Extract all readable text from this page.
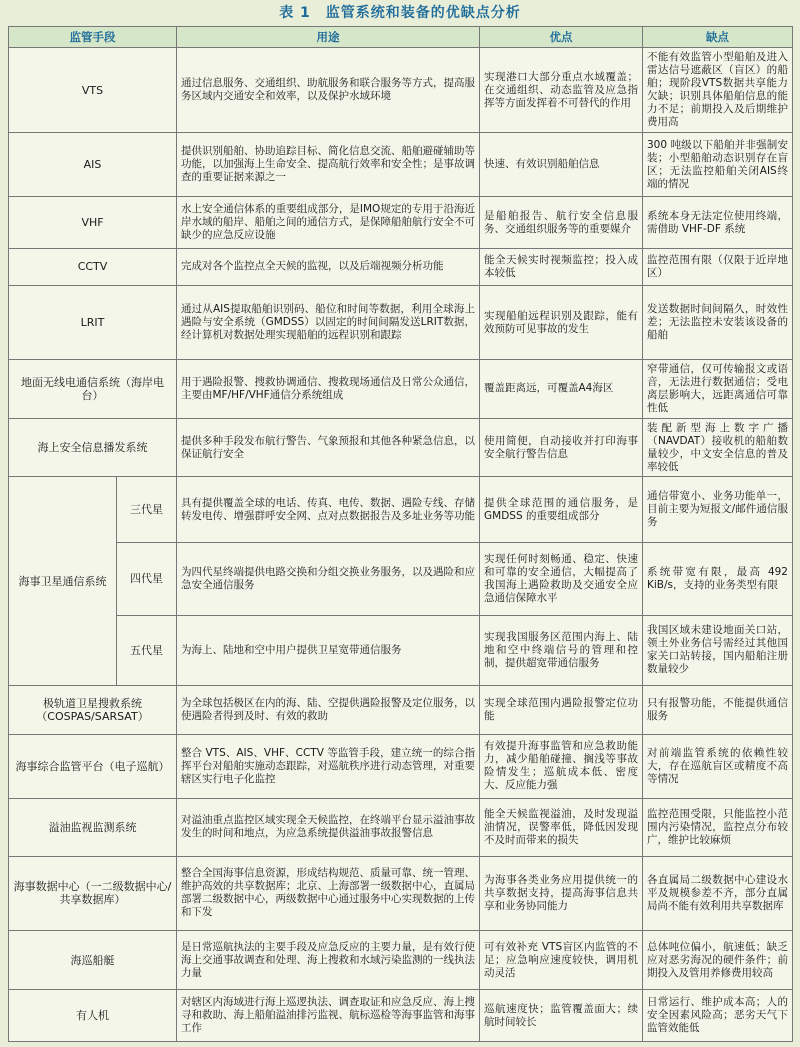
表 1　监管系统和装备的优缺点分析
监管手段		用途	优点	缺点
VTS		通过信息服务、交通组织、助航服务和联合服务等方式，提高服务区域内交通安全和效率，以及保护水域环境	实现港口大部分重点水域覆盖；在交通组织、动态监管及应急指挥等方面发挥着不可替代的作用	不能有效监管小型船舶及进入雷达信号遮蔽区（盲区）的船舶；现阶段VTS数据共享能力欠缺；识别具体船舶信息的能力不足；前期投入及后期维护费用高
AIS		提供识别船舶、协助追踪目标、简化信息交流、船舶避碰辅助等功能，以加强海上生命安全、提高航行效率和安全性；是事故调查的重要证据来源之一	快速、有效识别船舶信息	300 吨级以下船舶并非强制安装；小型船舶动态识别存在盲区；无法监控船舶关闭AIS终端的情况
VHF		水上安全通信体系的重要组成部分，是IMO规定的专用于沿海近岸水域的船岸、船舶之间的通信方式，是保障船舶航行安全不可缺少的应急反应设施	是船舶报告、航行安全信息服务、交通组织服务等的重要媒介	系统本身无法定位使用终端，需借助 VHF-DF 系统
CCTV		完成对各个监控点全天候的监视，以及后端视频分析功能	能全天候实时视频监控；投入成本较低	监控范围有限（仅限于近岸地区）
LRIT		通过从AIS提取船舶识别码、船位和时间等数据，利用全球海上遇险与安全系统（GMDSS）以固定的时间间隔发送LRIT数据，经计算机对数据处理实现船舶的远程识别和跟踪	实现船舶远程识别及跟踪，能有效预防可见事故的发生	发送数据时间间隔久，时效性差；无法监控未安装该设备的船舶
地面无线电通信系统（海岸电台）		用于遇险报警、搜救协调通信、搜救现场通信及日常公众通信，主要由MF/HF/VHF通信分系统组成	覆盖距离远，可覆盖A4海区	窄带通信，仅可传输报文或语音，无法进行数据通信；受电离层影响大，远距离通信可靠性低
海上安全信息播发系统		提供多种手段发布航行警告、气象预报和其他各种紧急信息，以保证航行安全	使用简便，自动接收并打印海事安全航行警告信息	装配新型海上数字广播（NAVDAT）接收机的船舶数量较少，中文安全信息的普及率较低
海事卫星通信系统	三代星	具有提供覆盖全球的电话、传真、电传、数据、遇险专线、存储转发电传、增强群呼安全网、点对点数据报告及多址业务等功能	提供全球范围的通信服务，是 GMDSS 的重要组成部分	通信带宽小、业务功能单一，目前主要为短报文/邮件通信服务
	四代星	为四代星终端提供电路交换和分组交换业务服务，以及遇险和应急安全通信服务	实现任何时刻畅通、稳定、快速和可靠的安全通信，大幅提高了我国海上遇险救助及交通安全应急通信保障水平	系统带宽有限，最高 492 KiB/s，支持的业务类型有限
	五代星	为海上、陆地和空中用户提供卫星宽带通信服务	实现我国服务区范围内海上、陆地和空中终端信号的管理和控制，提供超宽带通信服务	我国区域未建设地面关口站，领土外业务信号需经过其他国家关口站转接，国内船舶注册数量较少
极轨道卫星搜救系统（COSPAS/SARSAT）		为全球包括极区在内的海、陆、空提供遇险报警及定位服务，以使遇险者得到及时、有效的救助	实现全球范围内遇险报警定位功能	只有报警功能，不能提供通信服务
海事综合监管平台（电子巡航）		整合 VTS、AIS、VHF、CCTV 等监管手段，建立统一的综合指挥平台对船舶实施动态跟踪，对巡航秩序进行动态管理，对重要辖区实行电子化监控	有效提升海事监管和应急救助能力，减少船舶碰撞、搁浅等事故险情发生；巡航成本低、密度大、反应能力强	对前端监管系统的依赖性较大，存在巡航盲区或精度不高等情况
溢油监视监测系统		对溢油重点监控区域实现全天候监控，在终端平台显示溢油事故发生的时间和地点，为应急系统提供溢油事故报警信息	能全天候监视溢油，及时发现溢油情况，误警率低，降低因发现不及时而带来的损失	监控范围受限，只能监控小范围内污染情况，监控点分布较广，维护比较麻烦
海事数据中心（一二级数据中心/共享数据库）		整合全国海事信息资源，形成结构规范、质量可靠、统一管理、维护高效的共享数据库；北京、上海部署一级数据中心，直属局部署二级数据中心，两级数据中心通过服务中心实现数据的上传和下发	为海事各类业务应用提供统一的共享数据支持，提高海事信息共享和业务协同能力	各直属局二级数据中心建设水平及规模参差不齐，部分直属局尚不能有效利用共享数据库
海巡船艇		是日常巡航执法的主要手段及应急反应的主要力量，是有效行使海上交通事故调查和处理、海上搜救和水域污染监测的一线执法力量	可有效补充 VTS盲区内监管的不足；应急响应速度较快，调用机动灵活	总体吨位偏小，航速低；缺乏应对恶劣海况的硬件条件；前期投入及管用养修费用较高
有人机		对辖区内海域进行海上巡逻执法、调查取证和应急反应、海上搜寻和救助、海上船舶溢油排污监视、航标巡检等海事监管和海事工作	巡航速度快；监管覆盖面大；续航时间较长	日常运行、维护成本高；人的安全因素风险高；恶劣天气下监管效能低
